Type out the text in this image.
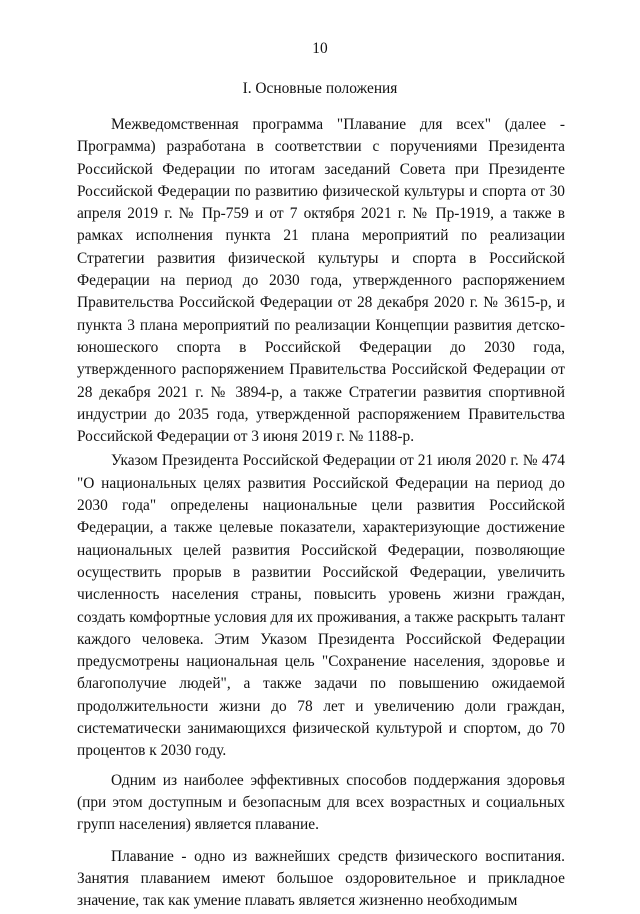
10
I. Основные положения

Межведомственная программа "Плавание для всех" (далее - Программа) разработана в соответствии с поручениями Президента Российской Федерации по итогам заседаний Совета при Президенте Российской Федерации по развитию физической культуры и спорта от 30 апреля 2019 г. № Пр-759 и от 7 октября 2021 г. № Пр-1919, а также в рамках исполнения пункта 21 плана мероприятий по реализации Стратегии развития физической культуры и спорта в Российской Федерации на период до 2030 года, утвержденного распоряжением Правительства Российской Федерации от 28 декабря 2020 г. № 3615-р, и пункта 3 плана мероприятий по реализации Концепции развития детско-юношеского спорта в Российской Федерации до 2030 года, утвержденного распоряжением Правительства Российской Федерации от 28 декабря 2021 г. № 3894-р, а также Стратегии развития спортивной индустрии до 2035 года, утвержденной распоряжением Правительства Российской Федерации от 3 июня 2019 г. № 1188-р.

Указом Президента Российской Федерации от 21 июля 2020 г. № 474 "О национальных целях развития Российской Федерации на период до 2030 года" определены национальные цели развития Российской Федерации, а также целевые показатели, характеризующие достижение национальных целей развития Российской Федерации, позволяющие осуществить прорыв в развитии Российской Федерации, увеличить численность населения страны, повысить уровень жизни граждан, создать комфортные условия для их проживания, а также раскрыть талант каждого человека. Этим Указом Президента Российской Федерации предусмотрены национальная цель "Сохранение населения, здоровье и благополучие людей", а также задачи по повышению ожидаемой продолжительности жизни до 78 лет и увеличению доли граждан, систематически занимающихся физической культурой и спортом, до 70 процентов к 2030 году.

Одним из наиболее эффективных способов поддержания здоровья (при этом доступным и безопасным для всех возрастных и социальных групп населения) является плавание.

Плавание - одно из важнейших средств физического воспитания. Занятия плаванием имеют большое оздоровительное и прикладное значение, так как умение плавать является жизненно необходимым
